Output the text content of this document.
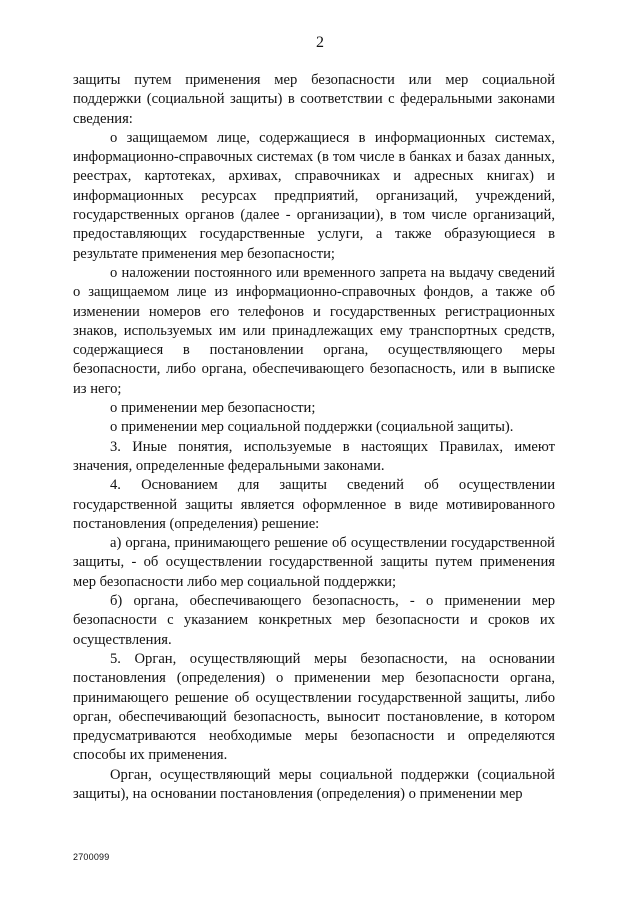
2

защиты путем применения мер безопасности или мер социальной поддержки (социальной защиты) в соответствии с федеральными законами сведения:

о защищаемом лице, содержащиеся в информационных системах, информационно-справочных системах (в том числе в банках и базах данных, реестрах, картотеках, архивах, справочниках и адресных книгах) и информационных ресурсах предприятий, организаций, учреждений, государственных органов (далее - организации), в том числе организаций, предоставляющих государственные услуги, а также образующиеся в результате применения мер безопасности;

о наложении постоянного или временного запрета на выдачу сведений о защищаемом лице из информационно-справочных фондов, а также об изменении номеров его телефонов и государственных регистрационных знаков, используемых им или принадлежащих ему транспортных средств, содержащиеся в постановлении органа, осуществляющего меры безопасности, либо органа, обеспечивающего безопасность, или в выписке из него;

о применении мер безопасности;

о применении мер социальной поддержки (социальной защиты).

3. Иные понятия, используемые в настоящих Правилах, имеют значения, определенные федеральными законами.

4. Основанием для защиты сведений об осуществлении государственной защиты является оформленное в виде мотивированного постановления (определения) решение:

а) органа, принимающего решение об осуществлении государственной защиты, - об осуществлении государственной защиты путем применения мер безопасности либо мер социальной поддержки;

б) органа, обеспечивающего безопасность, - о применении мер безопасности с указанием конкретных мер безопасности и сроков их осуществления.

5. Орган, осуществляющий меры безопасности, на основании постановления (определения) о применении мер безопасности органа, принимающего решение об осуществлении государственной защиты, либо орган, обеспечивающий безопасность, выносит постановление, в котором предусматриваются необходимые меры безопасности и определяются способы их применения.

Орган, осуществляющий меры социальной поддержки (социальной защиты), на основании постановления (определения) о применении мер

2700099
